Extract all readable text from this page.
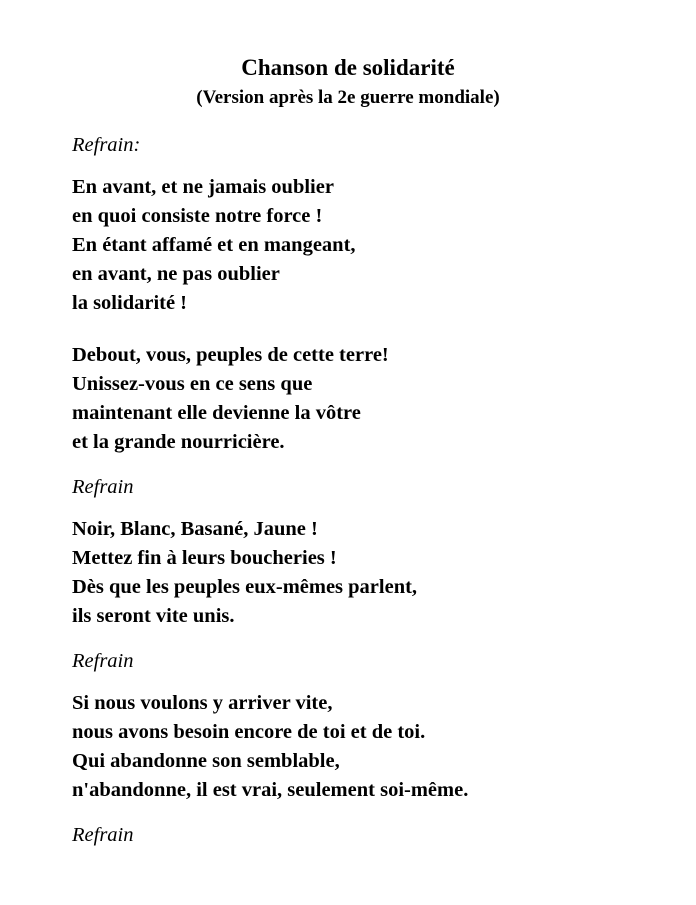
Chanson de solidarité
(Version après la 2e guerre mondiale)
Refrain:
En avant, et ne jamais oublier
en quoi consiste notre force !
En étant affamé et en mangeant,
en avant, ne pas oublier
la solidarité !
Debout, vous, peuples de cette terre!
Unissez-vous en ce sens que
maintenant elle devienne la vôtre
et la grande nourricière.
Refrain
Noir, Blanc, Basané, Jaune !
Mettez fin à leurs boucheries !
Dès que les peuples eux-mêmes parlent,
ils seront vite unis.
Refrain
Si nous voulons y arriver vite,
nous avons besoin encore de toi et de toi.
Qui abandonne son semblable,
n'abandonne, il est vrai, seulement soi-même.
Refrain
